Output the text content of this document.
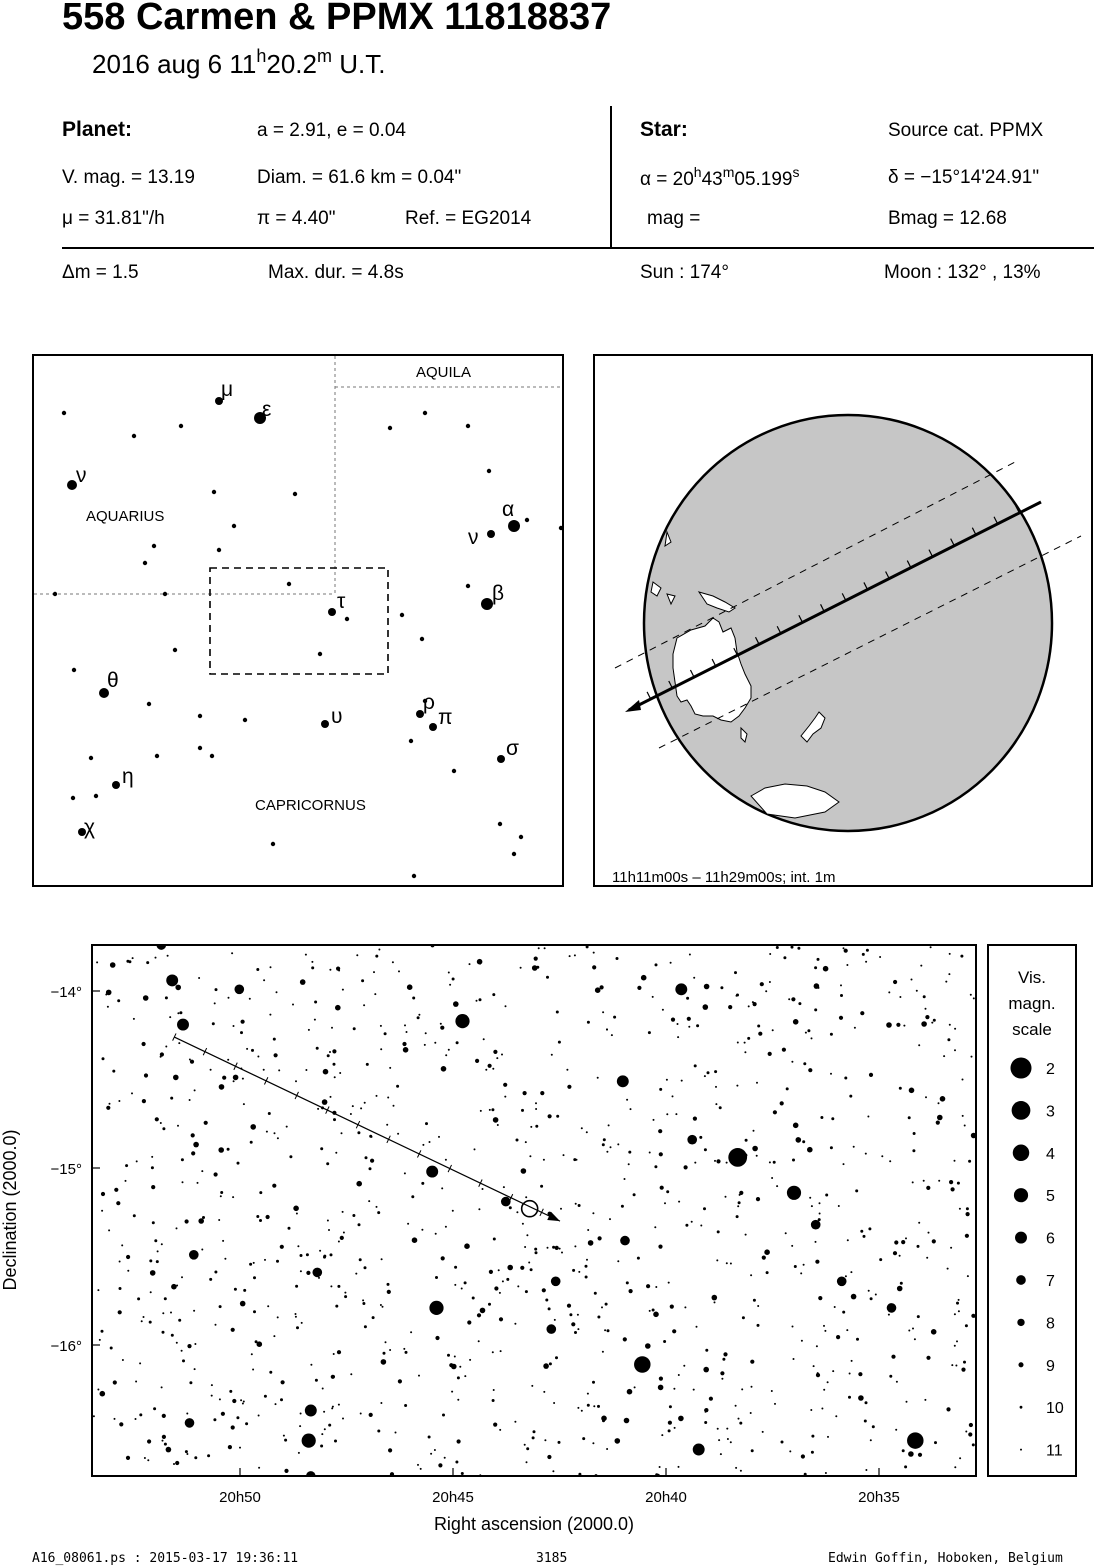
558 Carmen & PPMX 11818837
2016 aug 6 11$^h$20.2$^m$ U.T.
Planet:	a = 2.91, e = 0.04
V. mag. = 13.19	Diam. = 61.6 km = 0.04"
μ = 31.81"/h	π = 4.40"	Ref. = EG2014
Star:	Source cat. PPMX
$\alpha = 20^h43^m05.199^s$	δ = −15°14'24.91"
mag =	Bmag = 12.68
Δm = 1.5	Max. dur. = 4.8s	Sun : 174°	Moon : 132° , 13%
AQUILA
AQUARIUS
CAPRICORNUS
μ
ε
ν
α
ν
β
τ
θ
υ
ρ
π
σ
η
χ
11h11m00s – 11h29m00s; int. 1m
−14°
−15°
−16°
20h50	20h45	20h40	20h35
Right ascension (2000.0)
Declination (2000.0)
Vis.
magn.
scale
2
3
4
5
6
7
8
9
10
11
A16_08061.ps : 2015-03-17 19:36:11	3185	Edwin Goffin, Hoboken, Belgium
